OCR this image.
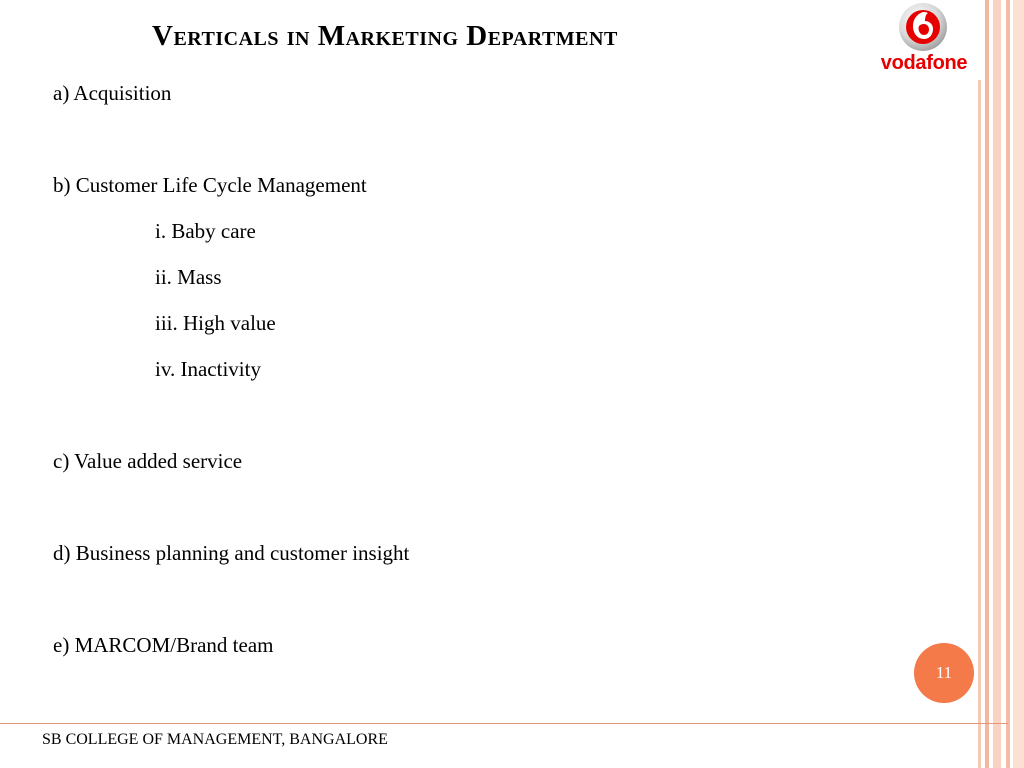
Verticals in Marketing Department
vodafone
a) Acquisition
b) Customer Life Cycle Management
i. Baby care
ii. Mass
iii. High value
iv. Inactivity
c) Value added service
d) Business planning and customer insight
e) MARCOM/Brand team
11
SB COLLEGE OF MANAGEMENT, BANGALORE
